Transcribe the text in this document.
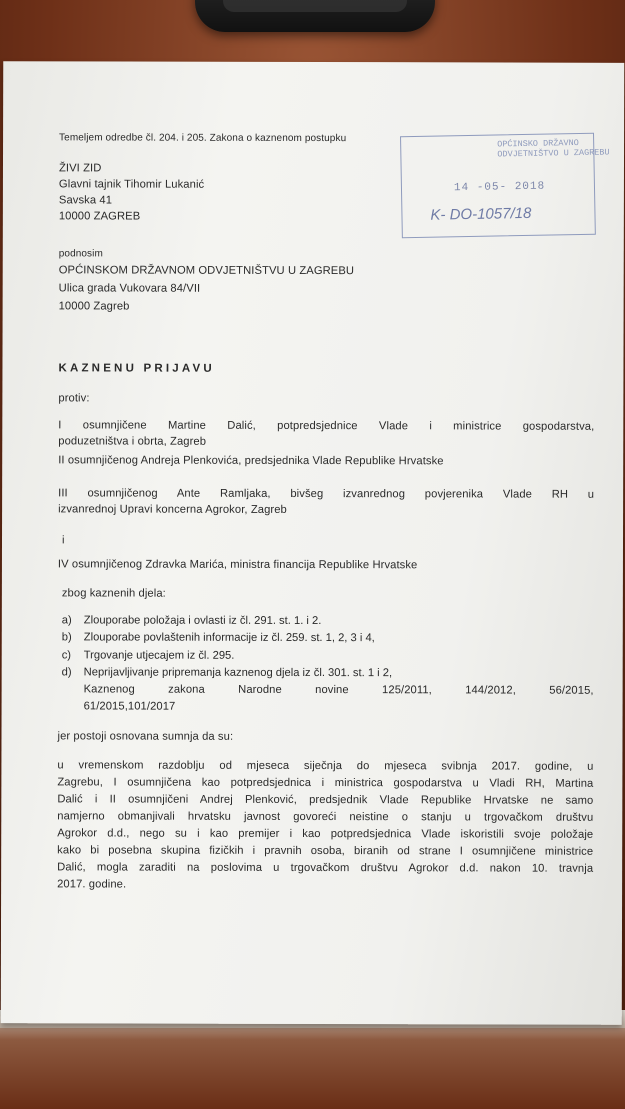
Temeljem odredbe čl. 204. i 205. Zakona o kaznenom postupku
ŽIVI ZID
Glavni tajnik Tihomir Lukanić
Savska 41
10000 ZAGREB
OPĆINSKO DRŽAVNO
ODVJETNIŠTVO U ZAGREBU
14 -05- 2018
K- DO-1057/18
podnosim
OPĆINSKOM DRŽAVNOM ODVJETNIŠTVU U ZAGREBU
Ulica grada Vukovara 84/VII
10000 Zagreb
KAZNENU PRIJAVU
protiv:
I osumnjičene Martine Dalić, potpredsjednice Vlade i ministrice gospodarstva,
poduzetništva i obrta, Zagreb
II osumnjičenog Andreja Plenkovića, predsjednika Vlade Republike Hrvatske
III osumnjičenog Ante Ramljaka, bivšeg izvanrednog povjerenika Vlade RH u
izvanrednoj Upravi koncerna Agrokor, Zagreb
i
IV osumnjičenog Zdravka Marića, ministra financija Republike Hrvatske
zbog kaznenih djela:
a) Zlouporabe položaja i ovlasti iz čl. 291. st. 1. i 2.
b) Zlouporabe povlaštenih informacije iz čl. 259. st. 1, 2, 3 i 4,
c) Trgovanje utjecajem iz čl. 295.
d) Neprijavljivanje pripremanja kaznenog djela iz čl. 301. st. 1 i 2,
Kaznenog zakona Narodne novine 125/2011, 144/2012, 56/2015,
61/2015,101/2017
jer postoji osnovana sumnja da su:
u vremenskom razdoblju od mjeseca siječnja do mjeseca svibnja 2017. godine, u
Zagrebu, I osumnjičena kao potpredsjednica i ministrica gospodarstva u Vladi RH, Martina
Dalić i II osumnjičeni Andrej Plenković, predsjednik Vlade Republike Hrvatske ne samo
namjerno obmanjivali hrvatsku javnost govoreći neistine o stanju u trgovačkom društvu
Agrokor d.d., nego su i kao premijer i kao potpredsjednica Vlade iskoristili svoje položaje
kako bi posebna skupina fizičkih i pravnih osoba, biranih od strane I osumnjičene ministrice
Dalić, mogla zaraditi na poslovima u trgovačkom društvu Agrokor d.d. nakon 10. travnja
2017. godine.
